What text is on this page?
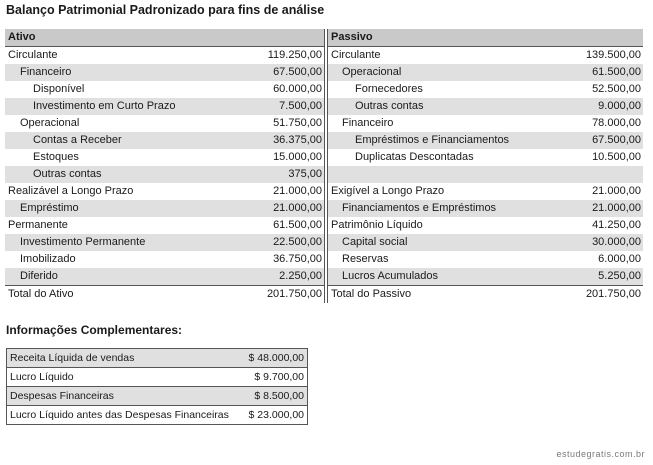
Balanço Patrimonial Padronizado para fins de análise
Ativo	
Circulante	119.250,00
Financeiro	67.500,00
Disponível	60.000,00
Investimento em Curto Prazo	7.500,00
Operacional	51.750,00
Contas a Receber	36.375,00
Estoques	15.000,00
Outras contas	375,00
Realizável a Longo Prazo	21.000,00
Empréstimo	21.000,00
Permanente	61.500,00
Investimento Permanente	22.500,00
Imobilizado	36.750,00
Diferido	2.250,00
Total do Ativo	201.750,00
Passivo	
Circulante	139.500,00
Operacional	61.500,00
Fornecedores	52.500,00
Outras contas	9.000,00
Financeiro	78.000,00
Empréstimos e Financiamentos	67.500,00
Duplicatas Descontadas	10.500,00

Exigível a Longo Prazo	21.000,00
Financiamentos e Empréstimos	21.000,00
Patrimônio Líquido	41.250,00
Capital social	30.000,00
Reservas	6.000,00
Lucros Acumulados	5.250,00
Total do Passivo	201.750,00
Informações Complementares:
Receita Líquida de vendas	$ 48.000,00
Lucro Líquido	$ 9.700,00
Despesas Financeiras	$ 8.500,00
Lucro Líquido antes das Despesas Financeiras	$ 23.000,00
estudegratis.com.br
